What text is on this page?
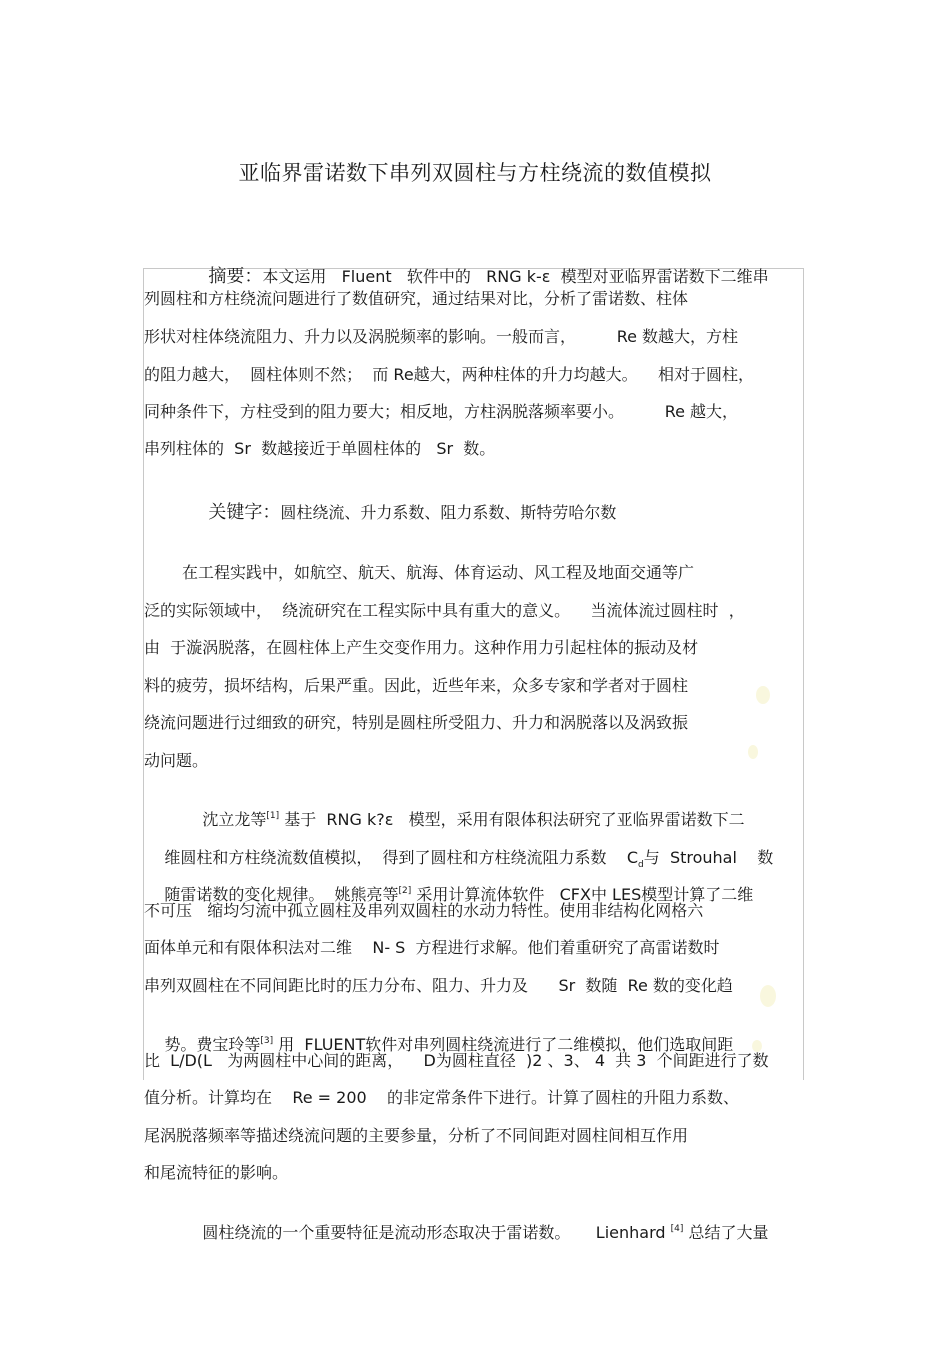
亚临界雷诺数下串列双圆柱与方柱绕流的数值模拟

摘要：本文运用   Fluent   软件中的   RNG k-ε  模型对亚临界雷诺数下二维串

列圆柱和方柱绕流问题进行了数值研究，通过结果对比，分析了雷诺数、柱体
形状对柱体绕流阻力、升力以及涡脱频率的影响。一般而言，        Re 数越大，方柱
的阻力越大，  圆柱体则不然；  而 Re越大，两种柱体的升力均越大。    相对于圆柱，
同种条件下，方柱受到的阻力要大；相反地，方柱涡脱落频率要小。        Re 越大，
串列柱体的  Sr  数越接近于单圆柱体的   Sr  数。

关键字：圆柱绕流、升力系数、阻力系数、斯特劳哈尔数

在工程实践中，如航空、航天、航海、体育运动、风工程及地面交通等广
泛的实际领域中，  绕流研究在工程实际中具有重大的意义。    当流体流过圆柱时  ，
由  于漩涡脱落，在圆柱体上产生交变作用力。这种作用力引起柱体的振动及材
料的疲劳，损坏结构，后果严重。因此，近些年来，众多专家和学者对于圆柱
绕流问题进行过细致的研究，特别是圆柱所受阻力、升力和涡脱落以及涡致振
动问题。

沈立龙等[1] 基于  RNG k?ε   模型，采用有限体积法研究了亚临界雷诺数下二

维圆柱和方柱绕流数值模拟，  得到了圆柱和方柱绕流阻力系数    $C_d$与  Strouhal    数

随雷诺数的变化规律。  姚熊亮等[2] 采用计算流体软件   CFX中 LES模型计算了二维

不可压   缩均匀流中孤立圆柱及串列双圆柱的水动力特性。使用非结构化网格六
面体单元和有限体积法对二维    N- S  方程进行求解。他们着重研究了高雷诺数时
串列双圆柱在不同间距比时的压力分布、阻力、升力及      Sr  数随  Re 数的变化趋

势。费宝玲等[3] 用  FLUENT软件对串列圆柱绕流进行了二维模拟，他们选取间距

比  L/D(L   为两圆柱中心间的距离，    D为圆柱直径  )2 、3、 4  共 3  个间距进行了数
值分析。计算均在    Re = 200    的非定常条件下进行。计算了圆柱的升阻力系数、
尾涡脱落频率等描述绕流问题的主要参量，分析了不同间距对圆柱间相互作用
和尾流特征的影响。

圆柱绕流的一个重要特征是流动形态取决于雷诺数。     Lienhard [4] 总结了大量
